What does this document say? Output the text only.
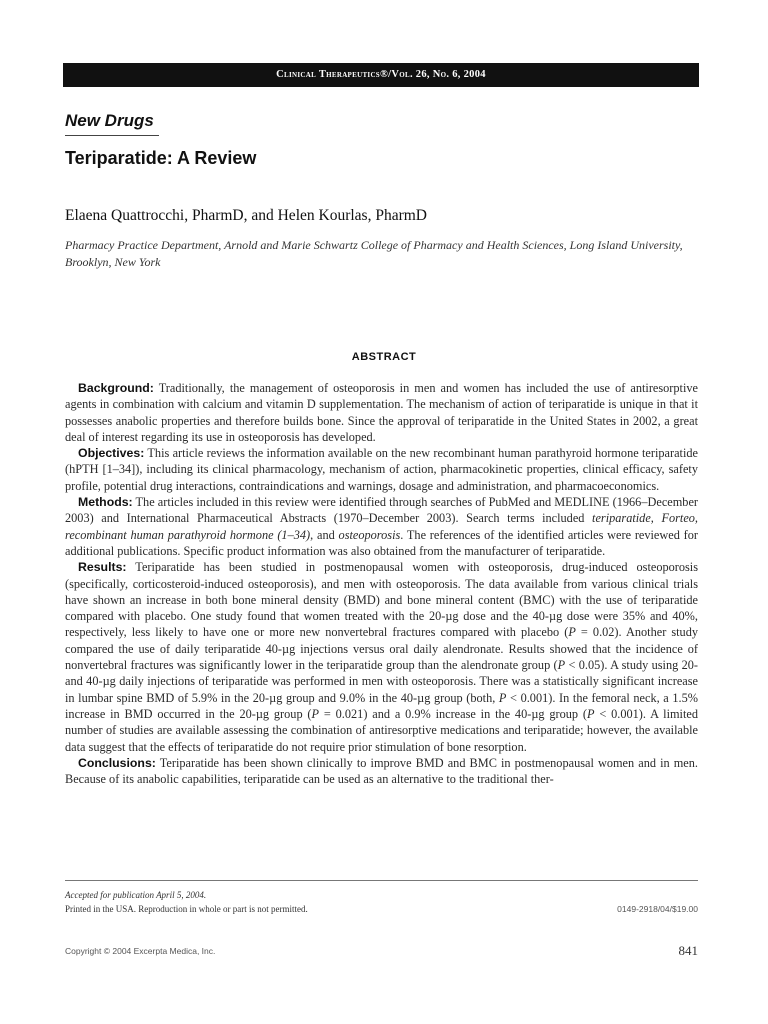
Clinical Therapeutics®/Vol. 26, No. 6, 2004
New Drugs
Teriparatide: A Review
Elaena Quattrocchi, PharmD, and Helen Kourlas, PharmD
Pharmacy Practice Department, Arnold and Marie Schwartz College of Pharmacy and Health Sciences, Long Island University, Brooklyn, New York
ABSTRACT

Background: Traditionally, the management of osteoporosis in men and women has included the use of antiresorptive agents in combination with calcium and vitamin D supplementation. The mechanism of action of teriparatide is unique in that it possesses anabolic properties and therefore builds bone. Since the approval of teriparatide in the United States in 2002, a great deal of interest regarding its use in osteoporosis has developed.

Objectives: This article reviews the information available on the new recombinant human parathyroid hormone teriparatide (hPTH [1–34]), including its clinical pharmacology, mechanism of action, pharmacokinetic properties, clinical efficacy, safety profile, potential drug interactions, contraindications and warnings, dosage and administration, and pharmacoeconomics.

Methods: The articles included in this review were identified through searches of PubMed and MEDLINE (1966–December 2003) and International Pharmaceutical Abstracts (1970–December 2003). Search terms included teriparatide, Forteo, recombinant human parathyroid hormone (1–34), and osteoporosis. The references of the identified articles were reviewed for additional publications. Specific product information was also obtained from the manufacturer of teriparatide.

Results: Teriparatide has been studied in postmenopausal women with osteoporosis, drug-induced osteoporosis (specifically, corticosteroid-induced osteoporosis), and men with osteoporosis. The data available from various clinical trials have shown an increase in both bone mineral density (BMD) and bone mineral content (BMC) with the use of teriparatide compared with placebo. One study found that women treated with the 20-µg dose and the 40-µg dose were 35% and 40%, respectively, less likely to have one or more new nonvertebral fractures compared with placebo (P = 0.02). Another study compared the use of daily teriparatide 40-µg injections versus oral daily alendronate. Results showed that the incidence of nonvertebral fractures was significantly lower in the teriparatide group than the alendronate group (P < 0.05). A study using 20- and 40-µg daily injections of teriparatide was performed in men with osteoporosis. There was a statistically significant increase in lumbar spine BMD of 5.9% in the 20-µg group and 9.0% in the 40-µg group (both, P < 0.001). In the femoral neck, a 1.5% increase in BMD occurred in the 20-µg group (P = 0.021) and a 0.9% increase in the 40-µg group (P < 0.001). A limited number of studies are available assessing the combination of antiresorptive medications and teriparatide; however, the available data suggest that the effects of teriparatide do not require prior stimulation of bone resorption.

Conclusions: Teriparatide has been shown clinically to improve BMD and BMC in postmenopausal women and in men. Because of its anabolic capabilities, teriparatide can be used as an alternative to the traditional ther-

Accepted for publication April 5, 2004.
Printed in the USA. Reproduction in whole or part is not permitted.	0149-2918/04/$19.00
Copyright © 2004 Excerpta Medica, Inc.	841
